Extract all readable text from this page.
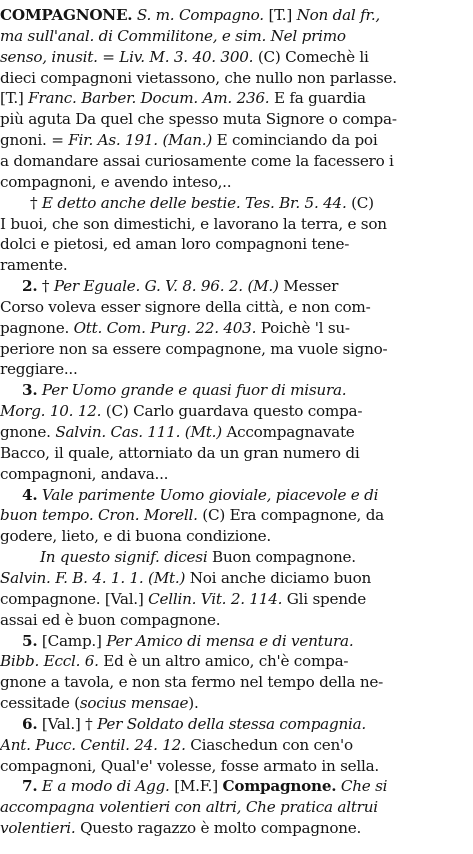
COMPAGNONE. S. m. Compagno. [T.] Non dal fr.,
ma sull'anal. di Commilitone, e sim. Nel primo
senso, inusit. = Liv. M. 3. 40. 300. (C) Comechè li
dieci compagnoni vietassono, che nullo non parlasse.
[T.] Franc. Barber. Docum. Am. 236. E fa guardia
più aguta Da quel che spesso muta Signore o compa-
gnoni. = Fir. As. 191. (Man.) E cominciando da poi
a domandare assai curiosamente come la facessero i
compagnoni, e avendo inteso,..
† E detto anche delle bestie. Tes. Br. 5. 44. (C)
I buoi, che son dimestichi, e lavorano la terra, e son
dolci e pietosi, ed aman loro compagnoni tene-
ramente.
2. † Per Eguale. G. V. 8. 96. 2. (M.) Messer
Corso voleva esser signore della città, e non com-
pagnone. Ott. Com. Purg. 22. 403. Poichè 'l su-
periore non sa essere compagnone, ma vuole signo-
reggiare...
3. Per Uomo grande e quasi fuor di misura.
Morg. 10. 12. (C) Carlo guardava questo compa-
gnone. Salvin. Cas. 111. (Mt.) Accompagnavate
Bacco, il quale, attorniato da un gran numero di
compagnoni, andava...
4. Vale parimente Uomo gioviale, piacevole e di
buon tempo. Cron. Morell. (C) Era compagnone, da
godere, lieto, e di buona condizione.
In questo signif. dicesi Buon compagnone.
Salvin. F. B. 4. 1. 1. (Mt.) Noi anche diciamo buon
compagnone. [Val.] Cellin. Vit. 2. 114. Gli spende
assai ed è buon compagnone.
5. [Camp.] Per Amico di mensa e di ventura.
Bibb. Eccl. 6. Ed è un altro amico, ch'è compa-
gnone a tavola, e non sta fermo nel tempo della ne-
cessitade (socius mensae).
6. [Val.] † Per Soldato della stessa compagnia.
Ant. Pucc. Centil. 24. 12. Ciaschedun con cen'o
compagnoni, Qual'e' volesse, fosse armato in sella.
7. E a modo di Agg. [M.F.] Compagnone. Che si
accompagna volentieri con altri, Che pratica altrui
volentieri. Questo ragazzo è molto compagnone.
